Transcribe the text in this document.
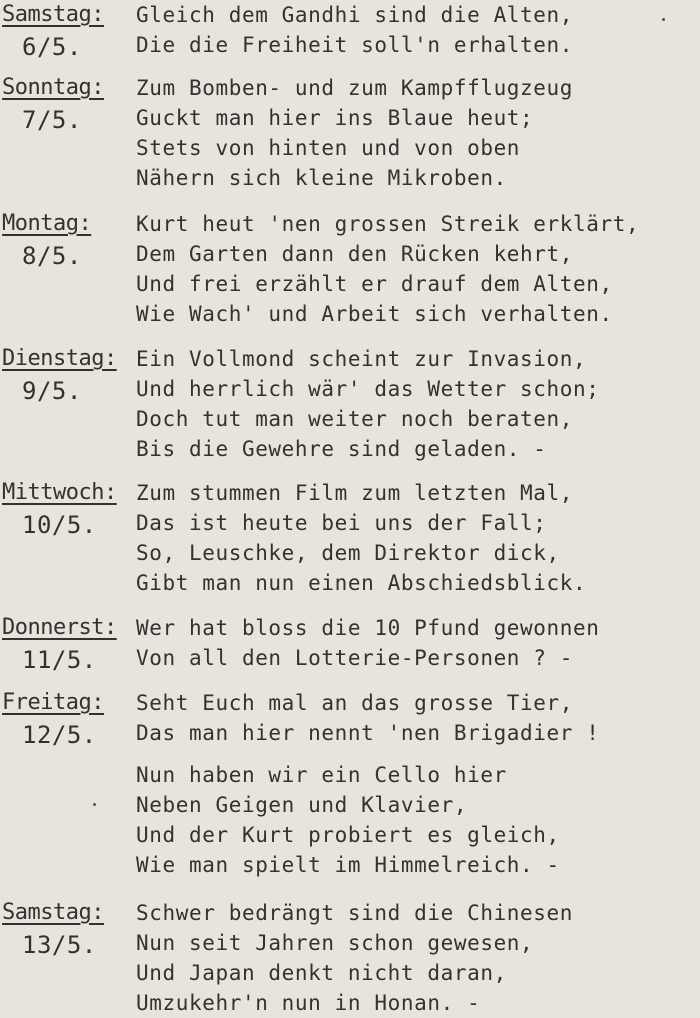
Samstag:
6/5.
Gleich dem Gandhi sind die Alten,
Die die Freiheit soll'n erhalten.
Sonntag:
7/5.
Zum Bomben- und zum Kampfflugzeug
Guckt man hier ins Blaue heut;
Stets von hinten und von oben
Nähern sich kleine Mikroben.
Montag:
8/5.
Kurt heut 'nen grossen Streik erklärt,
Dem Garten dann den Rücken kehrt,
Und frei erzählt er drauf dem Alten,
Wie Wach' und Arbeit sich verhalten.
Dienstag:
9/5.
Ein Vollmond scheint zur Invasion,
Und herrlich wär' das Wetter schon;
Doch tut man weiter noch beraten,
Bis die Gewehre sind geladen. -
Mittwoch:
10/5.
Zum stummen Film zum letzten Mal,
Das ist heute bei uns der Fall;
So, Leuschke, dem Direktor dick,
Gibt man nun einen Abschiedsblick.
Donnerst:
11/5.
Wer hat bloss die 10 Pfund gewonnen
Von all den Lotterie-Personen ? -
Freitag:
12/5.
Seht Euch mal an das grosse Tier,
Das man hier nennt 'nen Brigadier !
Nun haben wir ein Cello hier
Neben Geigen und Klavier,
Und der Kurt probiert es gleich,
Wie man spielt im Himmelreich. -
Samstag:
13/5.
Schwer bedrängt sind die Chinesen
Nun seit Jahren schon gewesen,
Und Japan denkt nicht daran,
Umzukehr'n nun in Honan. -
